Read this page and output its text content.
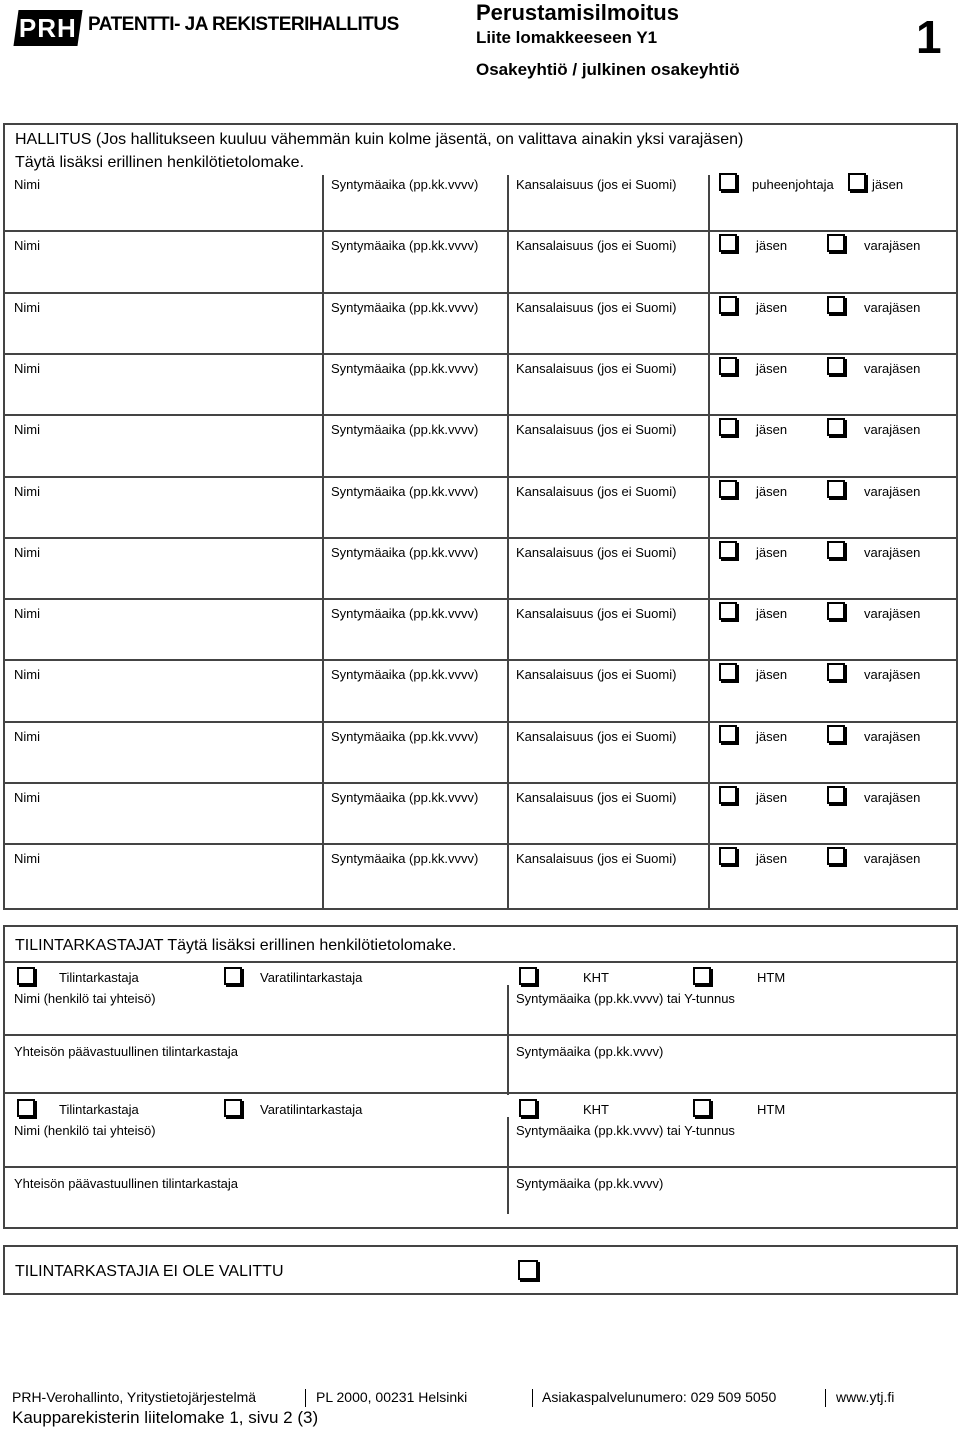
PRH PATENTTI- JA REKISTERIHALLITUS	Perustamisilmoitus
Liite lomakkeeseen Y1
Osakeyhtiö / julkinen osakeyhtiö
1
HALLITUS (Jos hallitukseen kuuluu vähemmän kuin kolme jäsentä, on valittava ainakin yksi varajäsen)
Täytä lisäksi erillinen henkilötietolomake.
Nimi	Syntymäaika (pp.kk.vvvv)	Kansalaisuus (jos ei Suomi)	puheenjohtaja	jäsen
Nimi	Syntymäaika (pp.kk.vvvv)	Kansalaisuus (jos ei Suomi)	jäsen	varajäsen
Nimi	Syntymäaika (pp.kk.vvvv)	Kansalaisuus (jos ei Suomi)	jäsen	varajäsen
Nimi	Syntymäaika (pp.kk.vvvv)	Kansalaisuus (jos ei Suomi)	jäsen	varajäsen
Nimi	Syntymäaika (pp.kk.vvvv)	Kansalaisuus (jos ei Suomi)	jäsen	varajäsen
Nimi	Syntymäaika (pp.kk.vvvv)	Kansalaisuus (jos ei Suomi)	jäsen	varajäsen
Nimi	Syntymäaika (pp.kk.vvvv)	Kansalaisuus (jos ei Suomi)	jäsen	varajäsen
Nimi	Syntymäaika (pp.kk.vvvv)	Kansalaisuus (jos ei Suomi)	jäsen	varajäsen
Nimi	Syntymäaika (pp.kk.vvvv)	Kansalaisuus (jos ei Suomi)	jäsen	varajäsen
Nimi	Syntymäaika (pp.kk.vvvv)	Kansalaisuus (jos ei Suomi)	jäsen	varajäsen
Nimi	Syntymäaika (pp.kk.vvvv)	Kansalaisuus (jos ei Suomi)	jäsen	varajäsen
Nimi	Syntymäaika (pp.kk.vvvv)	Kansalaisuus (jos ei Suomi)	jäsen	varajäsen
TILINTARKASTAJAT Täytä lisäksi erillinen henkilötietolomake.
Tilintarkastaja	Varatilintarkastaja	KHT	HTM
Nimi (henkilö tai yhteisö)	Syntymäaika (pp.kk.vvvv) tai Y-tunnus
Yhteisön päävastuullinen tilintarkastaja	Syntymäaika (pp.kk.vvvv)
Tilintarkastaja	Varatilintarkastaja	KHT	HTM
Nimi (henkilö tai yhteisö)	Syntymäaika (pp.kk.vvvv) tai Y-tunnus
Yhteisön päävastuullinen tilintarkastaja	Syntymäaika (pp.kk.vvvv)
TILINTARKASTAJIA EI OLE VALITTU
PRH-Verohallinto, Yritystietojärjestelmä	PL 2000, 00231 Helsinki	Asiakaspalvelunumero: 029 509 5050	www.ytj.fi
Kaupparekisterin liitelomake 1, sivu 2 (3)
